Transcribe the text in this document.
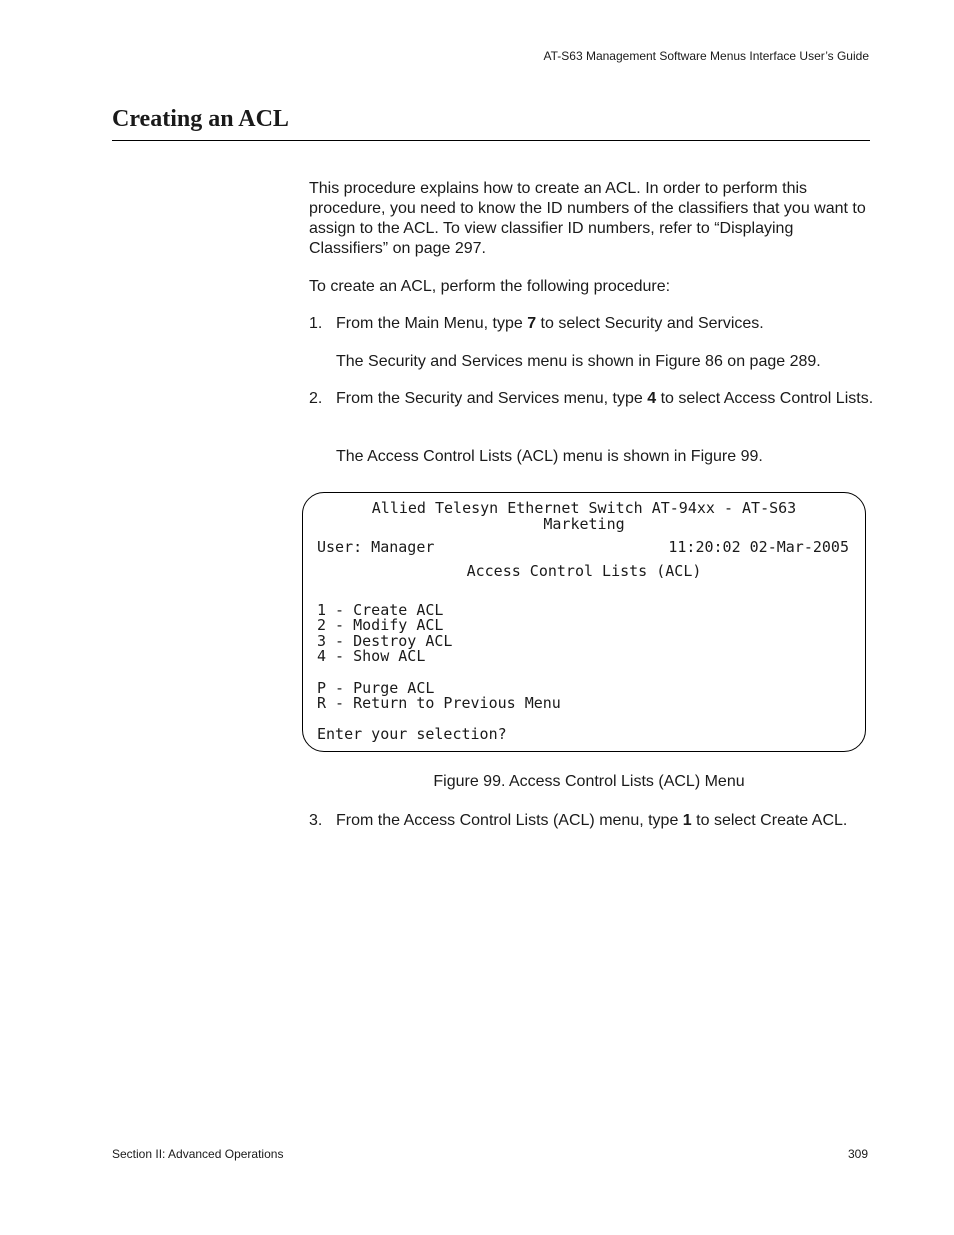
AT-S63 Management Software Menus Interface User’s Guide
Creating an ACL

This procedure explains how to create an ACL. In order to perform this procedure, you need to know the ID numbers of the classifiers that you want to assign to the ACL. To view classifier ID numbers, refer to “Displaying Classifiers” on page 297.

To create an ACL, perform the following procedure:

1. From the Main Menu, type 7 to select Security and Services.

The Security and Services menu is shown in Figure 86 on page 289.

2. From the Security and Services menu, type 4 to select Access Control Lists.

The Access Control Lists (ACL) menu is shown in Figure 99.

3. From the Access Control Lists (ACL) menu, type 1 to select Create ACL.
Allied Telesyn Ethernet Switch AT-94xx - AT-S63
Marketing
User: Manager	11:20:02 02-Mar-2005
Access Control Lists (ACL)
1 - Create ACL
2 - Modify ACL
3 - Destroy ACL
4 - Show ACL
P - Purge ACL
R - Return to Previous Menu
Enter your selection?
Figure 99. Access Control Lists (ACL) Menu
Section II: Advanced Operations	309
